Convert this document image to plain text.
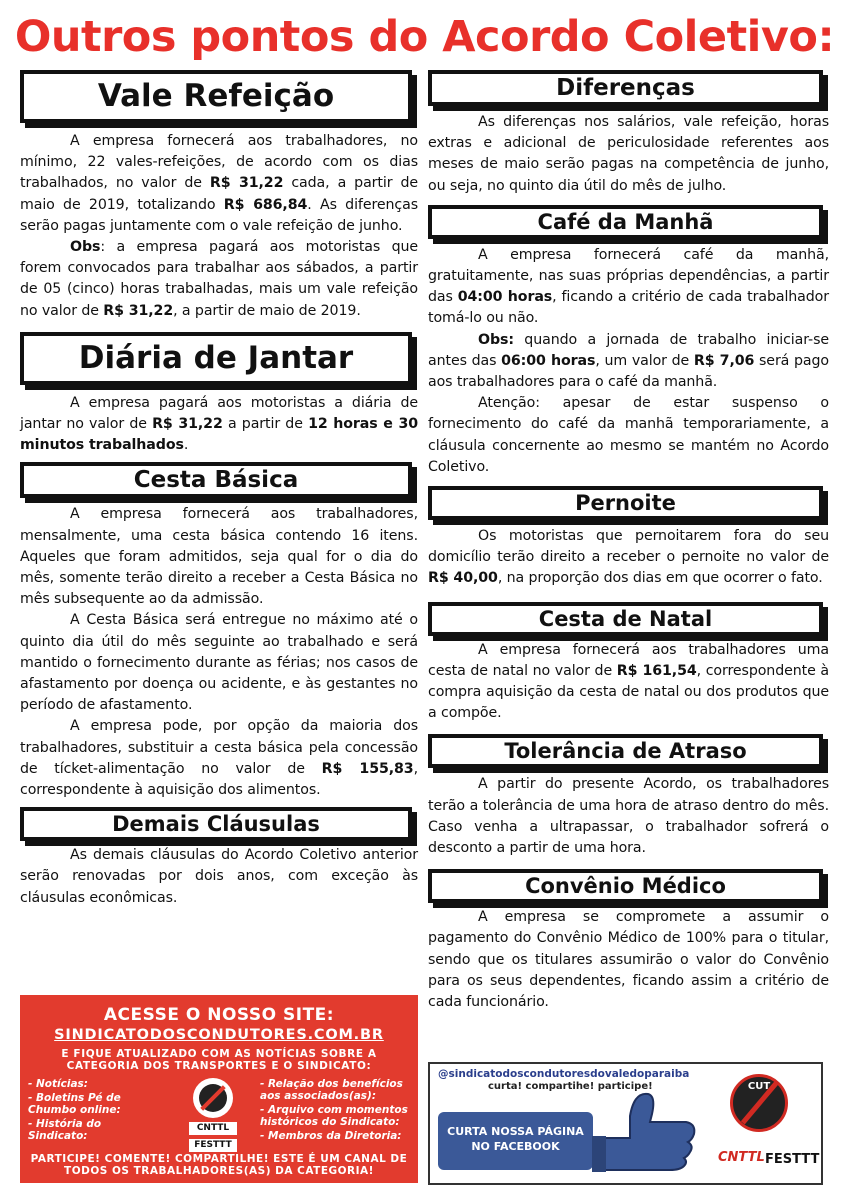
Outros pontos do Acordo Coletivo:
Vale Refeição

A empresa fornecerá aos trabalhadores, no mínimo, 22 vales-refeições, de acordo com os dias trabalhados, no valor de R$ 31,22 cada, a partir de maio de 2019, totalizando R$ 686,84. As diferenças serão pagas juntamente com o vale refeição de junho.

Obs: a empresa pagará aos motoristas que forem convocados para trabalhar aos sábados, a partir de 05 (cinco) horas trabalhadas, mais um vale refeição no valor de R$ 31,22, a partir de maio de 2019.

Diária de Jantar

A empresa pagará aos motoristas a diária de jantar no valor de R$ 31,22 a partir de 12 horas e 30 minutos trabalhados.

Cesta Básica

A empresa fornecerá aos trabalhadores, mensalmente, uma cesta básica contendo 16 itens. Aqueles que foram admitidos, seja qual for o dia do mês, somente terão direito a receber a Cesta Básica no mês subsequente ao da admissão.

A Cesta Básica será entregue no máximo até o quinto dia útil do mês seguinte ao trabalhado e será mantido o fornecimento durante as férias; nos casos de afastamento por doença ou acidente, e às gestantes no período de afastamento.

A empresa pode, por opção da maioria dos trabalhadores, substituir a cesta básica pela concessão de tícket-alimentação no valor de R$ 155,83, correspondente à aquisição dos alimentos.

Demais Cláusulas

As demais cláusulas do Acordo Coletivo anterior serão renovadas por dois anos, com exceção às cláusulas econômicas.

Diferenças

As diferenças nos salários, vale refeição, horas extras e adicional de periculosidade referentes aos meses de maio serão pagas na competência de junho, ou seja, no quinto dia útil do mês de julho.

Café da Manhã

A empresa fornecerá café da manhã, gratuitamente, nas suas próprias dependências, a partir das 04:00 horas, ficando a critério de cada trabalhador tomá-lo ou não.

Obs: quando a jornada de trabalho iniciar-se antes das 06:00 horas, um valor de R$ 7,06 será pago aos trabalhadores para o café da manhã.

Atenção: apesar de estar suspenso o fornecimento do café da manhã temporariamente, a cláusula concernente ao mesmo se mantém no Acordo Coletivo.

Pernoite

Os motoristas que pernoitarem fora do seu domicílio terão direito a receber o pernoite no valor de R$ 40,00, na proporção dos dias em que ocorrer o fato.

Cesta de Natal

A empresa fornecerá aos trabalhadores uma cesta de natal no valor de R$ 161,54, correspondente à compra aquisição da cesta de natal ou dos produtos que a compõe.

Tolerância de Atraso

A partir do presente Acordo, os trabalhadores terão a tolerância de uma hora de atraso dentro do mês. Caso venha a ultrapassar, o trabalhador sofrerá o desconto a partir de uma hora.

Convênio Médico

A empresa se compromete a assumir o pagamento do Convênio Médico de 100% para o titular, sendo que os titulares assumirão o valor do Convênio para os seus dependentes, ficando assim a critério de cada funcionário.

ACESSE O NOSSO SITE:
SINDICATODOSCONDUTORES.COM.BR
E FIQUE ATUALIZADO COM AS NOTÍCIAS SOBRE A CATEGORIA DOS TRANSPORTES E O SINDICATO:
- Notícias:
- Boletins Pé de Chumbo online:
- História do Sindicato:
CNTTL
FESTTT
- Relação dos benefícios aos associados(as):
- Arquivo com momentos históricos do Sindicato:
- Membros da Diretoria:
PARTICIPE! COMENTE! COMPARTILHE! ESTE É UM CANAL DE TODOS OS TRABALHADORES(AS) DA CATEGORIA!
@sindicatodoscondutoresdovaledoparaiba
curta! compartihe! participe!
CURTA NOSSA PÁGINA NO FACEBOOK
CUT
CNTTL FESTTT
